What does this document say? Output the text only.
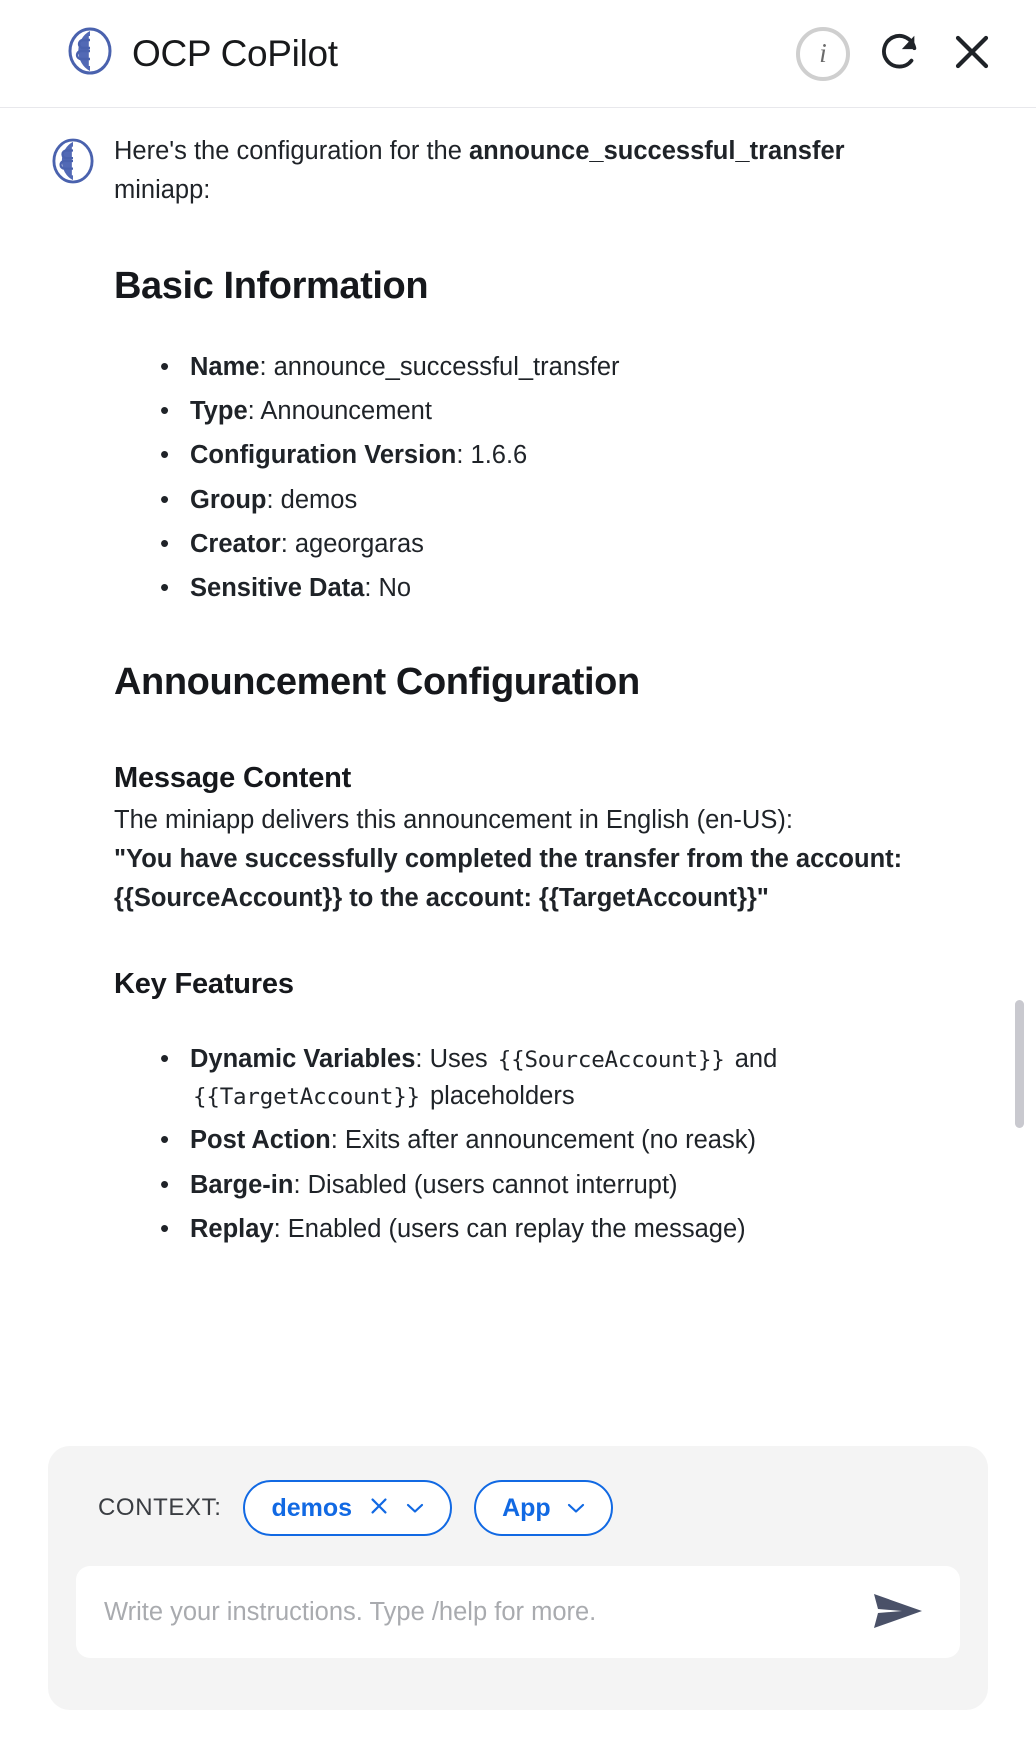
OCP CoPilot	i

Here's the configuration for the announce_successful_transfer miniapp:

Basic Information
• Name: announce_successful_transfer
• Type: Announcement
• Configuration Version: 1.6.6
• Group: demos
• Creator: ageorgaras
• Sensitive Data: No
Announcement Configuration
Message Content

The miniapp delivers this announcement in English (en-US):

"You have successfully completed the transfer from the account: {{SourceAccount}} to the account: {{TargetAccount}}"

Key Features
• Dynamic Variables: Uses {{SourceAccount}} and {{TargetAccount}} placeholders
• Post Action: Exits after announcement (no reask)
• Barge-in: Disabled (users cannot interrupt)
• Replay: Enabled (users can replay the message)
CONTEXT: demos	App
Write your instructions. Type /help for more.
